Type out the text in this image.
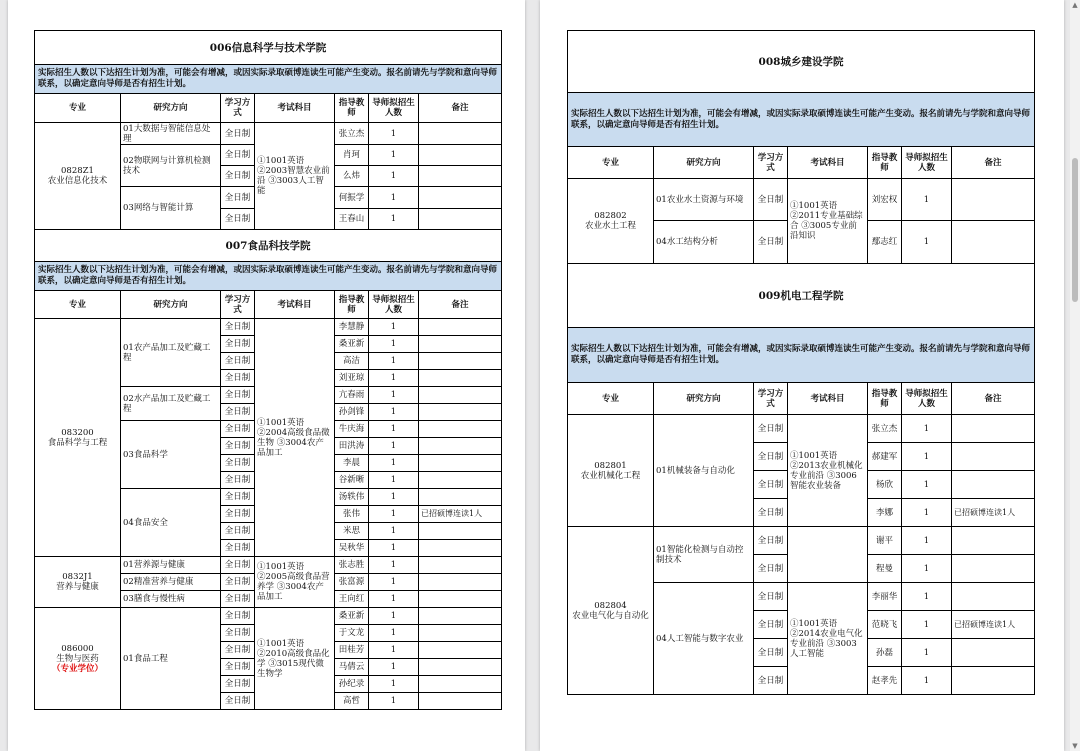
▲
▼
006信息科学与技术学院						
实际招生人数以下达招生计划为准，可能会有增减，或因实际录取硕博连读生可能产生变动。报名前请先与学院和意向导师联系，以确定意向导师是否有招生计划。						
专业	研究方向	学习方式	考试科目	指导教师	导师拟招生人数	备注
0828Z1
农业信息化技术	01大数据与智能信息处理	全日制	①1001英语 ②2003智慧农业前沿 ③3003人工智能	张立杰	1	
	02物联网与计算机检测技术	全日制		肖珂	1	
		全日制		么炜	1	
	03网络与智能计算	全日制		何振学	1	
		全日制		王春山	1	
007食品科技学院						
实际招生人数以下达招生计划为准，可能会有增减，或因实际录取硕博连读生可能产生变动。报名前请先与学院和意向导师联系，以确定意向导师是否有招生计划。						
专业	研究方向	学习方式	考试科目	指导教师	导师拟招生人数	备注
083200
食品科学与工程	01农产品加工及贮藏工程	全日制	①1001英语 ②2004高级食品微生物 ③3004农产品加工	李慧静	1	
		全日制		桑亚新	1	
		全日制		高洁	1	
		全日制		刘亚琼	1	
	02水产品加工及贮藏工程	全日制		亢春雨	1	
		全日制		孙剑锋	1	
	03食品科学	全日制		牛庆海	1	
		全日制		田洪涛	1	
		全日制		李晨	1	
		全日制		谷新晰	1	
	04食品安全	全日制		汤轶伟	1	
		全日制		张伟	1	已招硕博连读1人
		全日制		米思	1	
		全日制		吴秋华	1	
0832J1
营养与健康	01营养源与健康	全日制	①1001英语 ②2005高级食品营养学 ③3004农产品加工	张志胜	1	
	02精准营养与健康	全日制		张富源	1	
	03膳食与慢性病	全日制		王向红	1	
086000
生物与医药
（专业学位）	01食品工程	全日制	①1001英语 ②2010高级食品化学 ③3015现代微生物学	桑亚新	1	
		全日制		于文龙	1	
		全日制		田桂芳	1	
		全日制		马倩云	1	
		全日制		孙纪录	1	
		全日制		高哲	1	
008城乡建设学院						
实际招生人数以下达招生计划为准，可能会有增减，或因实际录取硕博连读生可能产生变动。报名前请先与学院和意向导师联系，以确定意向导师是否有招生计划。						
专业	研究方向	学习方式	考试科目	指导教师	导师拟招生人数	备注
082802
农业水土工程	01农业水土资源与环境	全日制	①1001英语 ②2011专业基础综合 ③3005专业前沿知识	刘宏权	1	
	04水工结构分析	全日制		鄢志红	1	
009机电工程学院						
实际招生人数以下达招生计划为准，可能会有增减，或因实际录取硕博连读生可能产生变动。报名前请先与学院和意向导师联系，以确定意向导师是否有招生计划。						
专业	研究方向	学习方式	考试科目	指导教师	导师拟招生人数	备注
082801
农业机械化工程	01机械装备与自动化	全日制	①1001英语 ②2013农业机械化专业前沿 ③3006智能农业装备	张立杰	1	
		全日制		郝建军	1	
		全日制		杨欣	1	
		全日制		李娜	1	已招硕博连读1人
082804
农业电气化与自动化	01智能化检测与自动控制技术	全日制		谢平	1	
		全日制		程曼	1	
	04人工智能与数字农业	全日制	①1001英语 ②2014农业电气化专业前沿 ③3003人工智能	李丽华	1	
		全日制		范晓飞	1	已招硕博连读1人
		全日制		孙磊	1	
		全日制		赵孝先	1	
